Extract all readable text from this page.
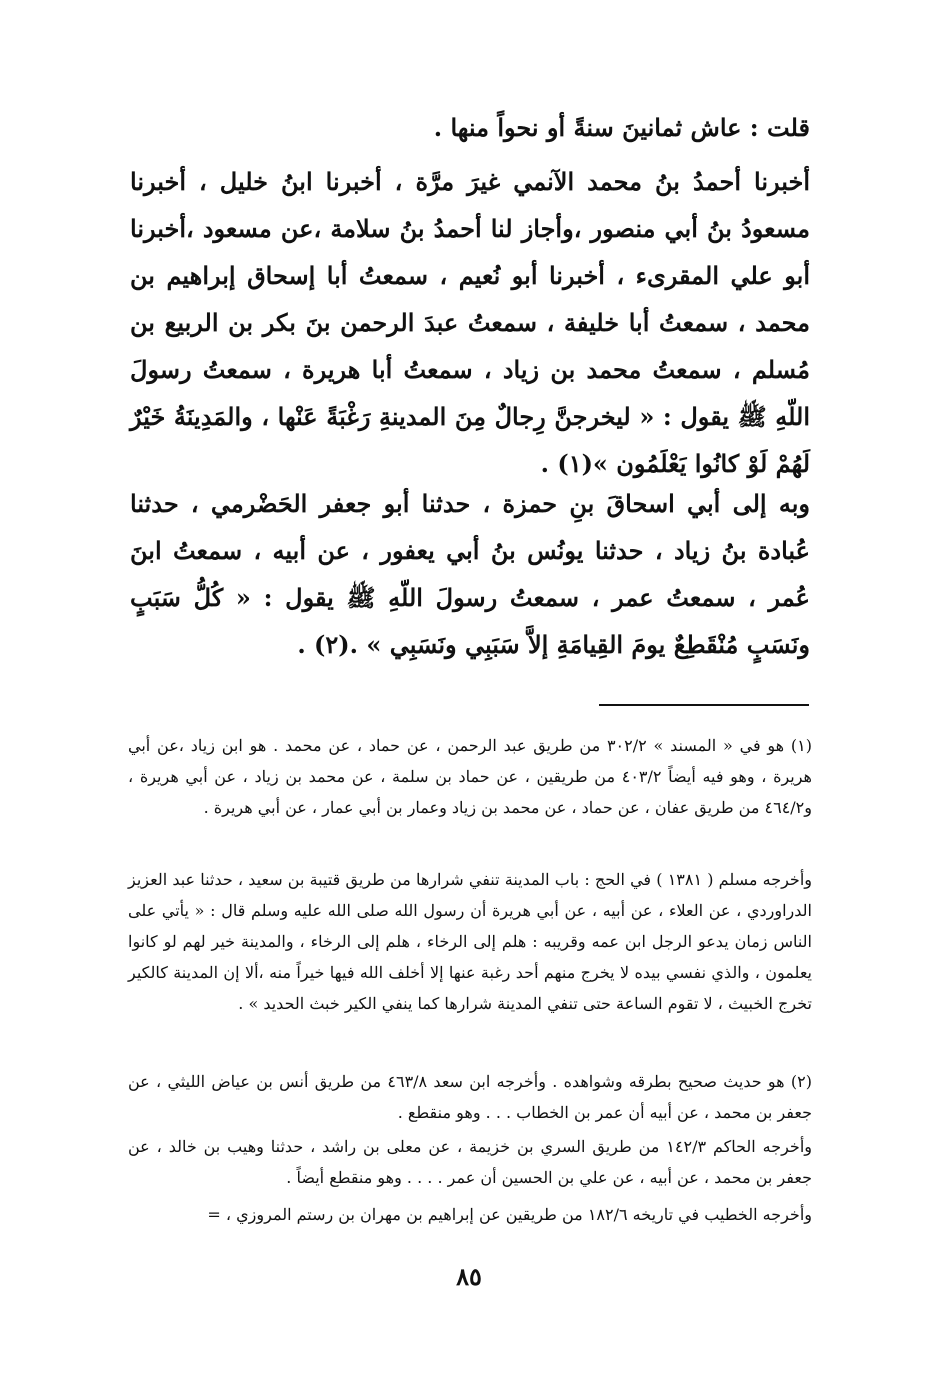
قلت : عاش ثمانينَ سنةً أو نحواً منها .

أخبرنا أحمدُ بنُ محمد الآنمي غيرَ مرَّة ، أخبرنا ابنُ خليل ، أخبرنا مسعودُ بنُ أبي منصور ،وأجاز لنا أحمدُ بنُ سلامة ،عن مسعود ،أخبرنا أبو علي المقرىء ، أخبرنا أبو نُعيم ، سمعتُ أبا إسحاق إبراهيم بن محمد ، سمعتُ أبا خليفة ، سمعتُ عبدَ الرحمن بنَ بكر بن الربيع بن مُسلم ، سمعتُ محمد بن زياد ، سمعتُ أبا هريرة ، سمعتُ رسولَ اللّهِ ﷺ يقول : « ليخرجنَّ رِجالٌ مِنَ المدينةِ رَغْبَةً عَنْها ، والمَدِينَةُ خَيْرٌ لَهُمْ لَوْ كانُوا يَعْلَمُون »(١) .

وبه إلى أبي اسحاقَ بنِ حمزة ، حدثنا أبو جعفر الحَضْرمي ، حدثنا عُبادة بنُ زياد ، حدثنا يونُس بنُ أبي يعفور ، عن أبيه ، سمعتُ ابنَ عُمر ، سمعتُ عمر ، سمعتُ رسولَ اللّهِ ﷺ يقول : « كُلُّ سَبَبٍ ونَسَبٍ مُنْقَطِعٌ يومَ القِيامَةِ إلاَّ سَبَبِي ونَسَبِي » .(٢) .

(١) هو في « المسند » ٣٠٢/٢ من طريق عبد الرحمن ، عن حماد ، عن محمد . هو ابن زياد ،عن أبي هريرة ، وهو فيه أيضاً ٤٠٣/٢ من طريقين ، عن حماد بن سلمة ، عن محمد بن زياد ، عن أبي هريرة ، و٤٦٤/٢ من طريق عفان ، عن حماد ، عن محمد بن زياد وعمار بن أبي عمار ، عن أبي هريرة .

وأخرجه مسلم ( ١٣٨١ ) في الحج : باب المدينة تنفي شرارها من طريق قتيبة بن سعيد ، حدثنا عبد العزيز الدراوردي ، عن العلاء ، عن أبيه ، عن أبي هريرة أن رسول الله صلى الله عليه وسلم قال : « يأتي على الناس زمان يدعو الرجل ابن عمه وقريبه : هلم إلى الرخاء ، هلم إلى الرخاء ، والمدينة خير لهم لو كانوا يعلمون ، والذي نفسي بيده لا يخرج منهم أحد رغبة عنها إلا أخلف الله فيها خيراً منه ،ألا إن المدينة كالكير تخرج الخبيث ، لا تقوم الساعة حتى تنفي المدينة شرارها كما ينفي الكير خبث الحديد » .

(٢) هو حديث صحيح بطرقه وشواهده . وأخرجه ابن سعد ٤٦٣/٨ من طريق أنس بن عياض الليثي ، عن جعفر بن محمد ، عن أبيه أن عمر بن الخطاب . . . وهو منقطع .

وأخرجه الحاكم ١٤٢/٣ من طريق السري بن خزيمة ، عن معلى بن راشد ، حدثنا وهيب بن خالد ، عن جعفر بن محمد ، عن أبيه ، عن علي بن الحسين أن عمر . . . . وهو منقطع أيضاً .

وأخرجه الخطيب في تاريخه ١٨٢/٦ من طريقين عن إبراهيم بن مهران بن رستم المروزي ، =

٨٥
